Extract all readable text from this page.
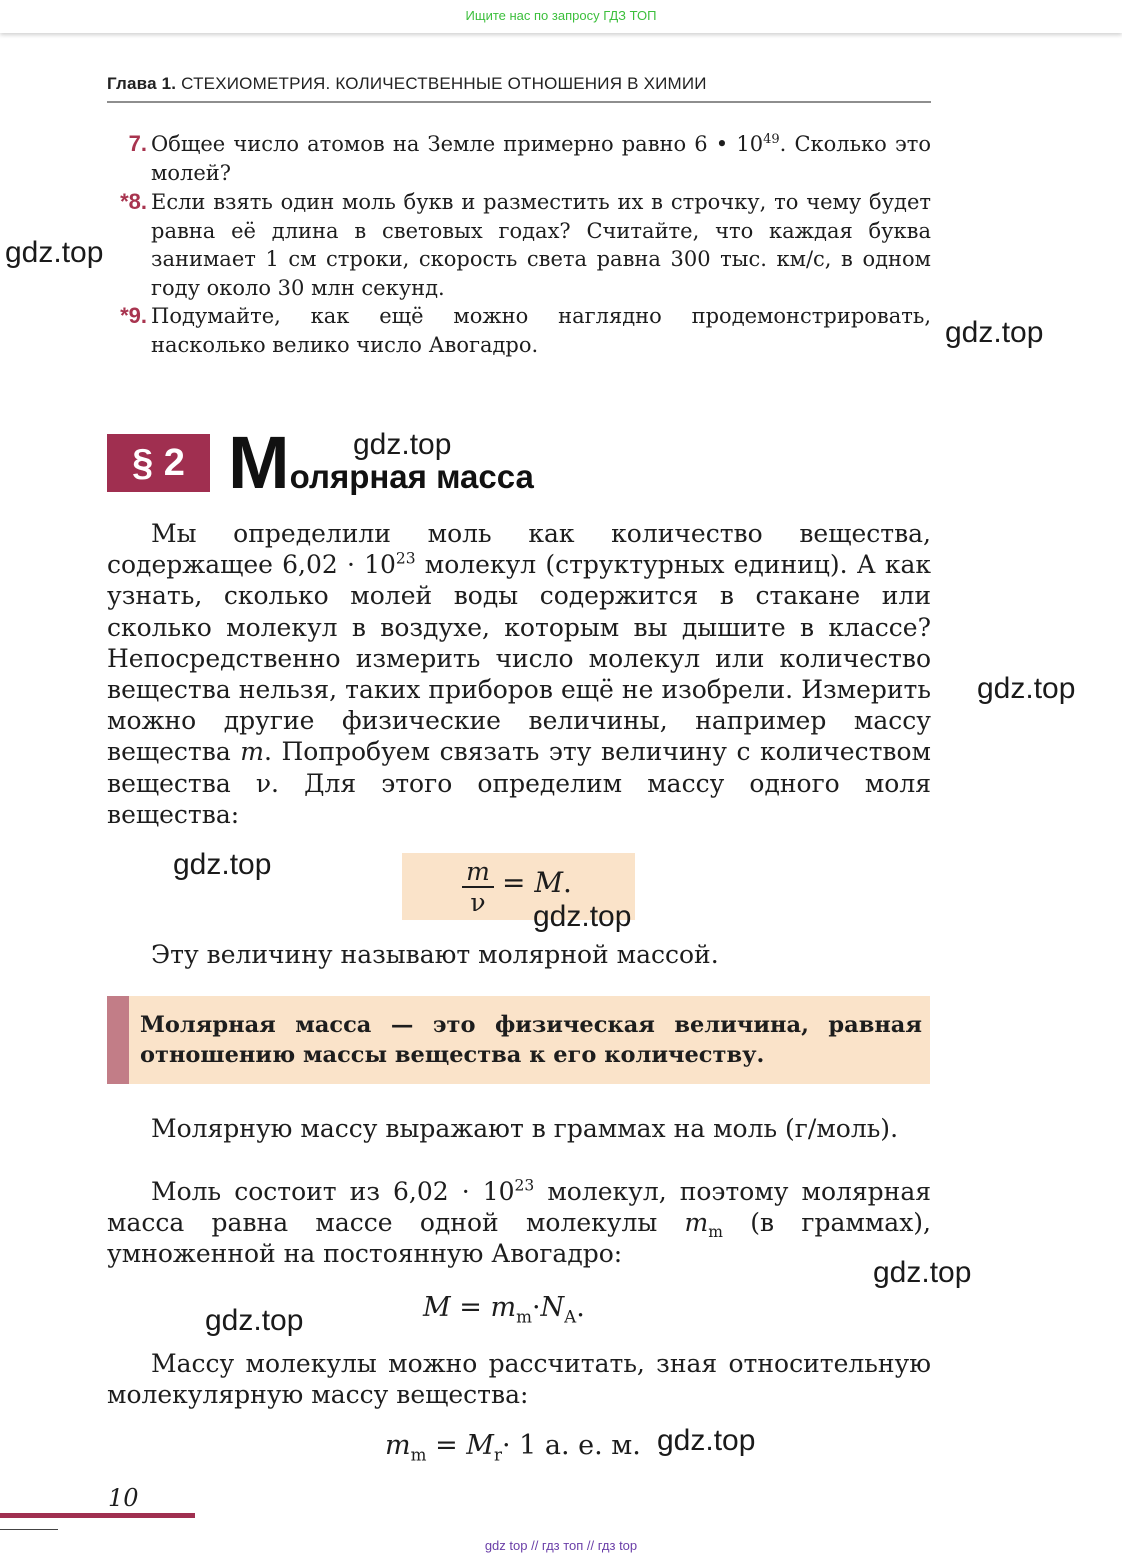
Ищите нас по запросу ГДЗ ТОП
Глава 1. СТЕХИОМЕТРИЯ. КОЛИЧЕСТВЕННЫЕ ОТНОШЕНИЯ В ХИМИИ
7. Общее число атомов на Земле примерно равно 6 • $10^{49}$. Сколько это молей?
*8. Если взять один моль букв и разместить их в строчку, то чему будет равна её длина в световых годах? Считайте, что каждая буква занимает 1 см строки, скорость света равна 300 тыс. км/с, в одном году около 30 млн секунд.
*9. Подумайте, как ещё можно наглядно продемонстрировать, насколько велико число Авогадро.
§ 2 Молярная масса
Мы определили моль как количество вещества, содержащее $6,02 \cdot 10^{23}$ молекул (структурных единиц). А как узнать, сколько молей воды содержится в стакане или сколько молекул в воздухе, которым вы дышите в классе? Непосредственно измерить число молекул или количество вещества нельзя, таких приборов ещё не изобрели. Измерить можно другие физические величины, например массу вещества m. Попробуем связать эту величину с количеством вещества ν. Для этого определим массу одного моля вещества:
$\frac{m}{\nu} = M$.
Эту величину называют молярной массой.
Молярная масса — это физическая величина, равная отношению массы вещества к его количеству.
Молярную массу выражают в граммах на моль (г/моль).
Моль состоит из $6,02 \cdot 10^{23}$ молекул, поэтому молярная масса равна массе одной молекулы $m_m$ (в граммах), умноженной на постоянную Авогадро:
$M = m_m\cdot N_A$.
Массу молекулы можно рассчитать, зная относительную молекулярную массу вещества:
$m_m = M_r\cdot 1$ а. е. м.
10
gdz.top
gdz.top
gdz.top
gdz.top
gdz.top
gdz.top
gdz.top
gdz.top
gdz.top
gdz top // гдз топ // гдз top
